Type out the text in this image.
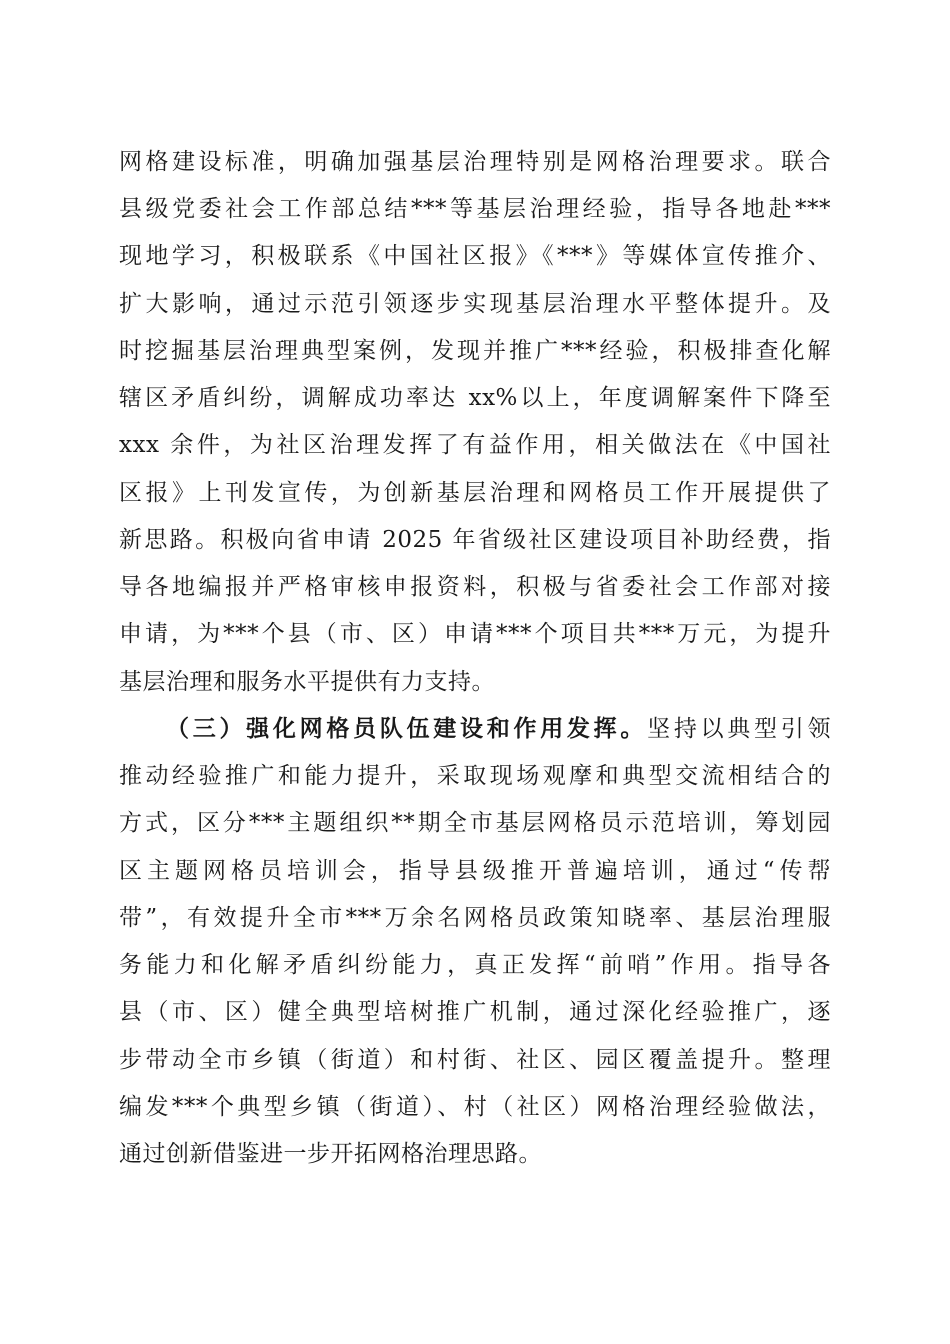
网格建设标准，明确加强基层治理特别是网格治理要求。联合
县级党委社会工作部总结***等基层治理经验，指导各地赴***
现地学习，积极联系《中国社区报》《***》等媒体宣传推介、
扩大影响，通过示范引领逐步实现基层治理水平整体提升。及
时挖掘基层治理典型案例，发现并推广***经验，积极排查化解
辖区矛盾纠纷，调解成功率达 xx%以上，年度调解案件下降至
xxx 余件，为社区治理发挥了有益作用，相关做法在《中国社
区报》上刊发宣传，为创新基层治理和网格员工作开展提供了
新思路。积极向省申请 2025 年省级社区建设项目补助经费，指
导各地编报并严格审核申报资料，积极与省委社会工作部对接
申请，为***个县（市、区）申请***个项目共***万元，为提升
基层治理和服务水平提供有力支持。
（三）强化网格员队伍建设和作用发挥。坚持以典型引领
推动经验推广和能力提升，采取现场观摩和典型交流相结合的
方式，区分***主题组织**期全市基层网格员示范培训，筹划园
区主题网格员培训会，指导县级推开普遍培训，通过“传帮
带”，有效提升全市***万余名网格员政策知晓率、基层治理服
务能力和化解矛盾纠纷能力，真正发挥“前哨”作用。指导各
县（市、区）健全典型培树推广机制，通过深化经验推广，逐
步带动全市乡镇（街道）和村街、社区、园区覆盖提升。整理
编发***个典型乡镇（街道）、村（社区）网格治理经验做法，
通过创新借鉴进一步开拓网格治理思路。
